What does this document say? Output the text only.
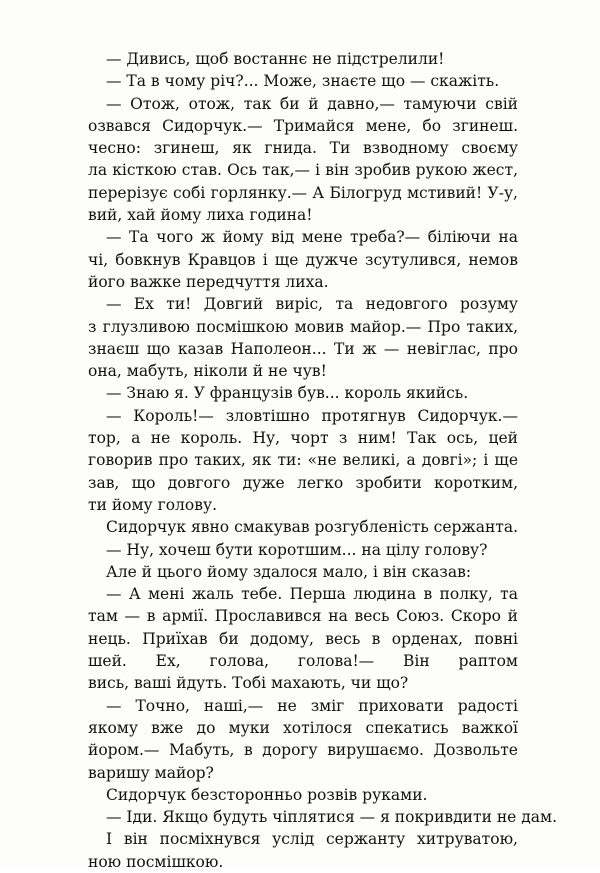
— Дивись, щоб востаннє не підстрелили!
— Та в чому річ?... Може, знаєте що — скажіть.
— Отож, отож, так би й давно,— тамуючи свій
озвався Сидорчук.— Тримайся мене, бо згинеш.
чесно: згинеш, як гнида. Ти взводному своєму
ла кісткою став. Ось так,— і він зробив рукою жест,
перерізує собі горлянку.— А Білогруд мстивий! У-у,
вий, хай йому лиха година!
— Та чого ж йому від мене треба?— біліючи на
чі, бовкнув Кравцов і ще дужче зсутулився, немов
його важке передчуття лиха.
— Ех ти! Довгий виріс, та недовгого розуму
з глузливою посмішкою мовив майор.— Про таких,
знаєш що казав Наполеон... Ти ж — невіглас, про
она, мабуть, ніколи й не чув!
— Знаю я. У французів був... король якийсь.
— Король!— зловтішно протягнув Сидорчук.—
тор, а не король. Ну, чорт з ним! Так ось, цей
говорив про таких, як ти: «не великі, а довгі»; і ще
зав, що довгого дуже легко зробити коротким,
ти йому голову.
Сидорчук явно смакував розгубленість сержанта.
— Ну, хочеш бути коротшим... на цілу голову?
Але й цього йому здалося мало, і він сказав:
— А мені жаль тебе. Перша людина в полку, та
там — в армії. Прославився на весь Союз. Скоро й
нець. Приїхав би додому, весь в орденах, повні
шей. Ех, голова, голова!— Він раптом
вись, ваші йдуть. Тобі махають, чи що?
— Точно, наші,— не зміг приховати радості
якому вже до муки хотілося спекатись важкої
йором.— Мабуть, в дорогу вирушаємо. Дозвольте
варишу майор?
Сидорчук безсторонньо розвів руками.
— Іди. Якщо будуть чіплятися — я покривдити не дам.
І він посміхнувся услід сержанту хитруватою,
ною посмішкою.
